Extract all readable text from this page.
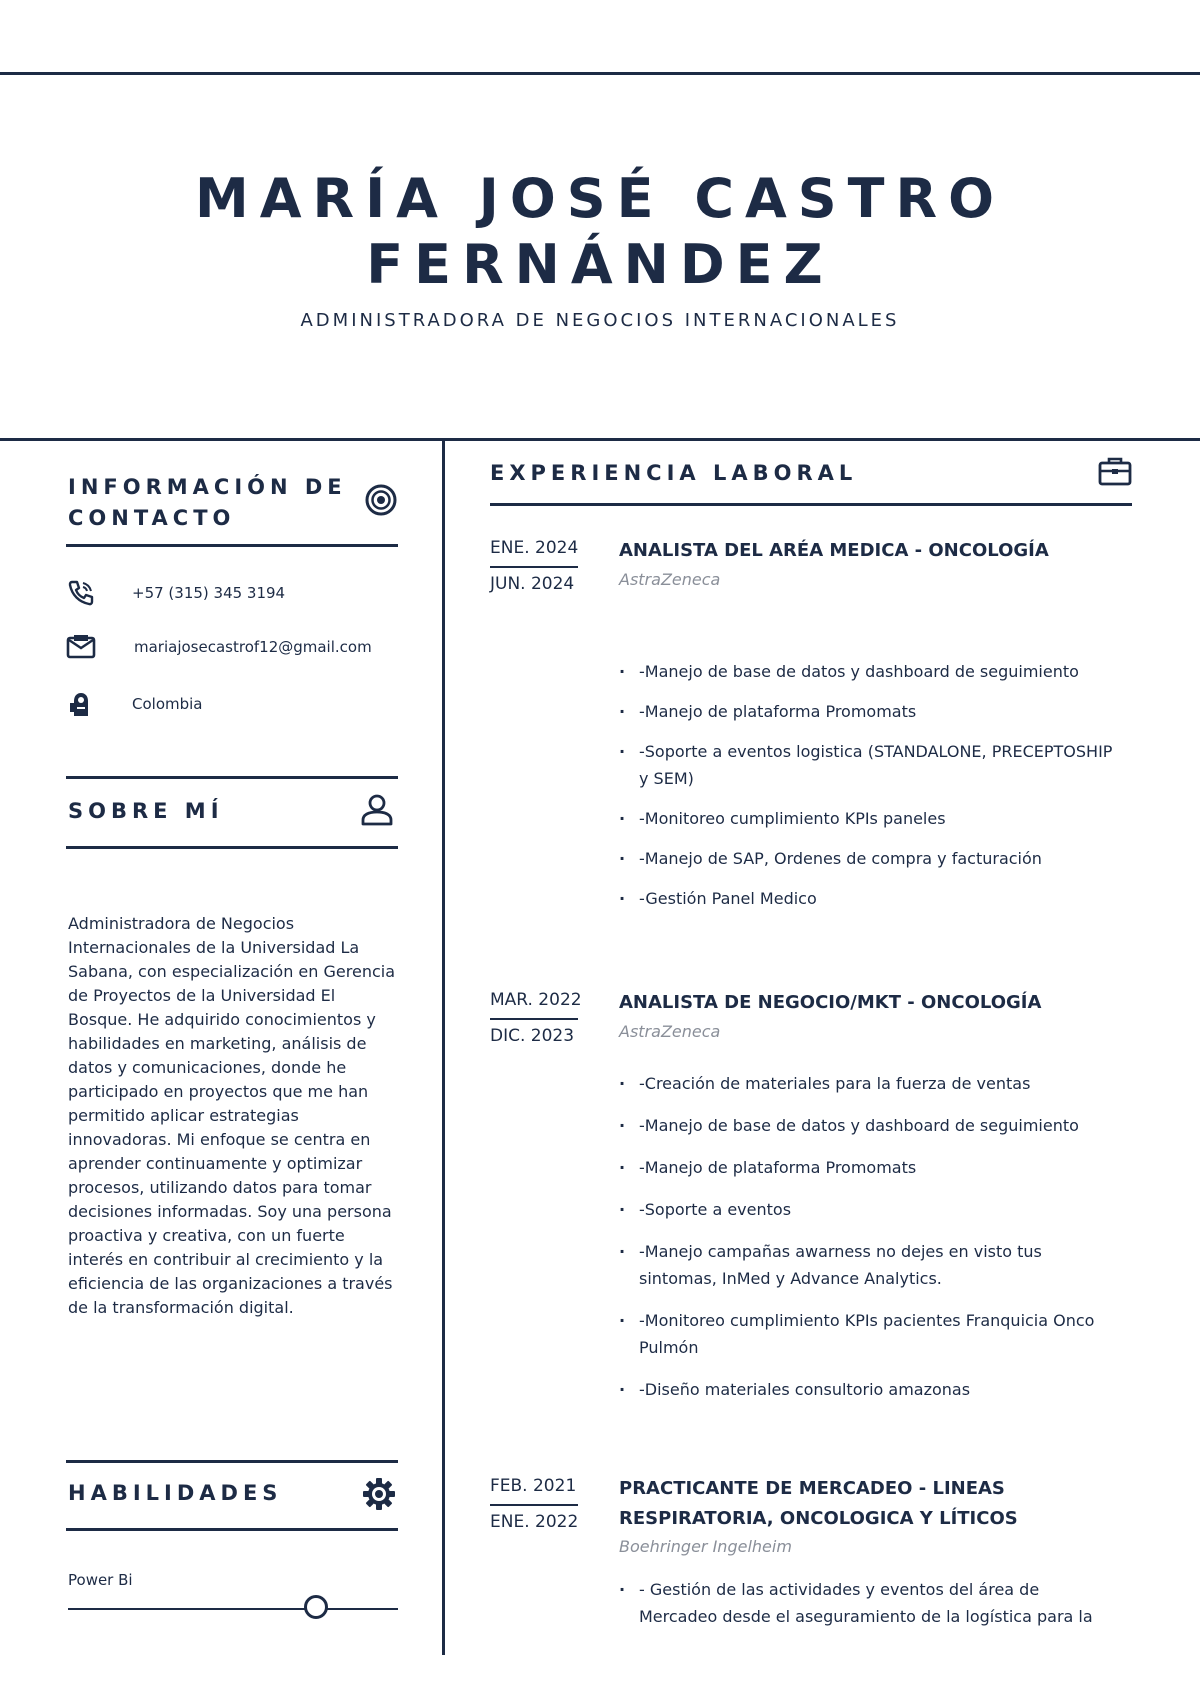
MARÍA JOSÉ CASTRO
FERNÁNDEZ
ADMINISTRADORA DE NEGOCIOS INTERNACIONALES
INFORMACIÓN DE
CONTACTO
+57 (315) 345 3194
mariajosecastrof12@gmail.com
Colombia
SOBRE MÍ
Administradora de Negocios Internacionales de la Universidad La Sabana, con especialización en Gerencia de Proyectos de la Universidad El Bosque. He adquirido conocimientos y habilidades en marketing, análisis de datos y comunicaciones, donde he participado en proyectos que me han permitido aplicar estrategias innovadoras. Mi enfoque se centra en aprender continuamente y optimizar procesos, utilizando datos para tomar decisiones informadas. Soy una persona proactiva y creativa, con un fuerte interés en contribuir al crecimiento y la eficiencia de las organizaciones a través de la transformación digital.
HABILIDADES
Power Bi
EXPERIENCIA LABORAL
ENE. 2024
JUN. 2024
ANALISTA DEL ARÉA MEDICA - ONCOLOGÍA
AstraZeneca
· -Manejo de base de datos y dashboard de seguimiento
· -Manejo de plataforma Promomats
· -Soporte a eventos logistica (STANDALONE, PRECEPTOSHIP y SEM)
· -Monitoreo cumplimiento KPIs paneles
· -Manejo de SAP, Ordenes de compra y facturación
· -Gestión Panel Medico
MAR. 2022
DIC. 2023
ANALISTA DE NEGOCIO/MKT - ONCOLOGÍA
AstraZeneca
· -Creación de materiales para la fuerza de ventas
· -Manejo de base de datos y dashboard de seguimiento
· -Manejo de plataforma Promomats
· -Soporte a eventos
· -Manejo campañas awarness no dejes en visto tus sintomas, InMed y Advance Analytics.
· -Monitoreo cumplimiento KPIs pacientes Franquicia Onco Pulmón
· -Diseño materiales consultorio amazonas
FEB. 2021
ENE. 2022
PRACTICANTE DE MERCADEO - LINEAS RESPIRATORIA, ONCOLOGICA Y LÍTICOS
Boehringer Ingelheim
· - Gestión de las actividades y eventos del área de Mercadeo desde el aseguramiento de la logística para la
